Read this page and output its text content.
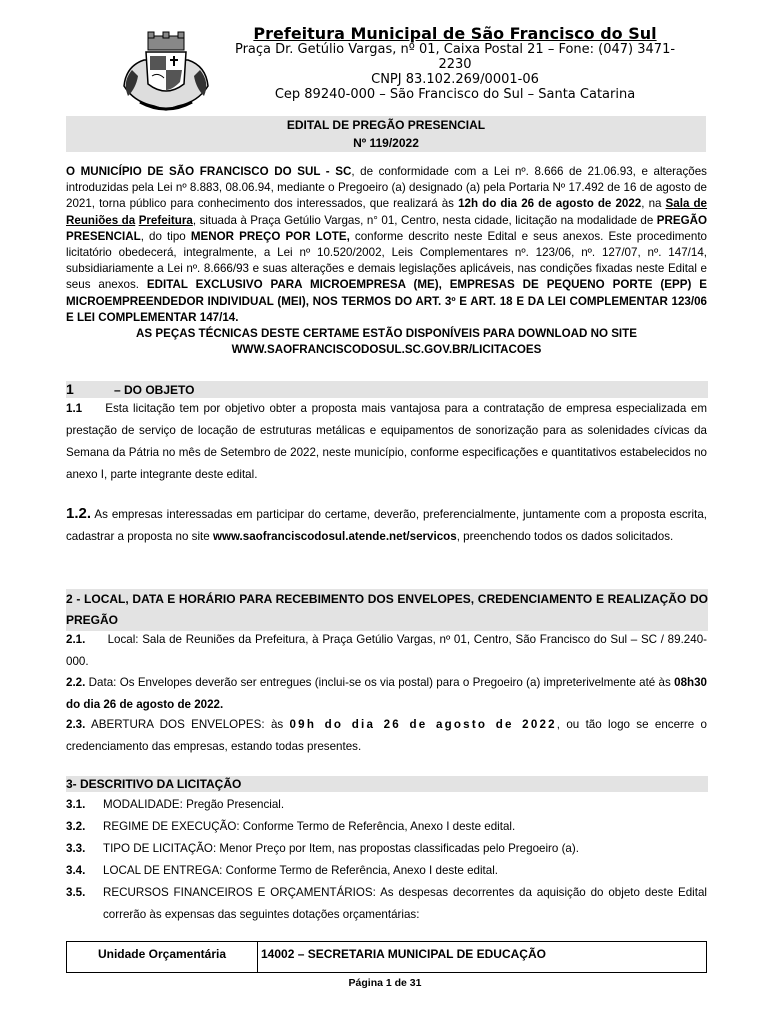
Prefeitura Municipal de São Francisco do Sul
Praça Dr. Getúlio Vargas, nº 01, Caixa Postal 21 – Fone: (047) 3471-
2230
CNPJ 83.102.269/0001-06
Cep 89240-000 – São Francisco do Sul – Santa Catarina
EDITAL DE PREGÃO PRESENCIAL
Nº 119/2022
O MUNICÍPIO DE SÃO FRANCISCO DO SUL - SC, de conformidade com a Lei nº. 8.666 de 21.06.93, e alterações introduzidas pela Lei nº 8.883, 08.06.94, mediante o Pregoeiro (a) designado (a) pela Portaria Nº 17.492 de 16 de agosto de 2021, torna público para conhecimento dos interessados, que realizará às 12h do dia 26 de agosto de 2022, na Sala de Reuniões da Prefeitura, situada à Praça Getúlio Vargas, n° 01, Centro, nesta cidade, licitação na modalidade de PREGÃO PRESENCIAL, do tipo MENOR PREÇO POR LOTE, conforme descrito neste Edital e seus anexos. Este procedimento licitatório obedecerá, integralmente, a Lei nº 10.520/2002, Leis Complementares nº. 123/06, nº. 127/07, nº. 147/14, subsidiariamente a Lei nº. 8.666/93 e suas alterações e demais legislações aplicáveis, nas condições fixadas neste Edital e seus anexos. EDITAL EXCLUSIVO PARA MICROEMPRESA (ME), EMPRESAS DE PEQUENO PORTE (EPP) E MICROEMPREENDEDOR INDIVIDUAL (MEI), NOS TERMOS DO ART. 3º E ART. 18 E DA LEI COMPLEMENTAR 123/06 E LEI COMPLEMENTAR 147/14.
AS PEÇAS TÉCNICAS DESTE CERTAME ESTÃO DISPONÍVEIS PARA DOWNLOAD NO SITE
WWW.SAOFRANCISCODOSUL.SC.GOV.BR/LICITACOES
1	– DO OBJETO
1.1 Esta licitação tem por objetivo obter a proposta mais vantajosa para a contratação de empresa especializada em prestação de serviço de locação de estruturas metálicas e equipamentos de sonorização para as solenidades cívicas da Semana da Pátria no mês de Setembro de 2022, neste município, conforme especificações e quantitativos estabelecidos no anexo I, parte integrante deste edital.
1.2. As empresas interessadas em participar do certame, deverão, preferencialmente, juntamente com a proposta escrita, cadastrar a proposta no site www.saofranciscodosul.atende.net/servicos, preenchendo todos os dados solicitados.
2 - LOCAL, DATA E HORÁRIO PARA RECEBIMENTO DOS ENVELOPES, CREDENCIAMENTO E REALIZAÇÃO DO PREGÃO
2.1. Local: Sala de Reuniões da Prefeitura, à Praça Getúlio Vargas, nº 01, Centro, São Francisco do Sul – SC / 89.240-000.
2.2. Data: Os Envelopes deverão ser entregues (inclui-se os via postal) para o Pregoeiro (a) impreterivelmente até às 08h30 do dia 26 de agosto de 2022.
2.3. ABERTURA DOS ENVELOPES: às 09h do dia 26 de agosto de 2022, ou tão logo se encerre o credenciamento das empresas, estando todas presentes.
3- DESCRITIVO DA LICITAÇÃO
3.1. MODALIDADE: Pregão Presencial.
3.2. REGIME DE EXECUÇÃO: Conforme Termo de Referência, Anexo I deste edital.
3.3. TIPO DE LICITAÇÃO: Menor Preço por Item, nas propostas classificadas pelo Pregoeiro (a).
3.4. LOCAL DE ENTREGA: Conforme Termo de Referência, Anexo I deste edital.
3.5.	RECURSOS FINANCEIROS E ORÇAMENTÁRIOS: As despesas decorrentes da aquisição do objeto deste Edital correrão às expensas das seguintes dotações orçamentárias:
Unidade Orçamentária	14002 – SECRETARIA MUNICIPAL DE EDUCAÇÃO
Página 1 de 31
